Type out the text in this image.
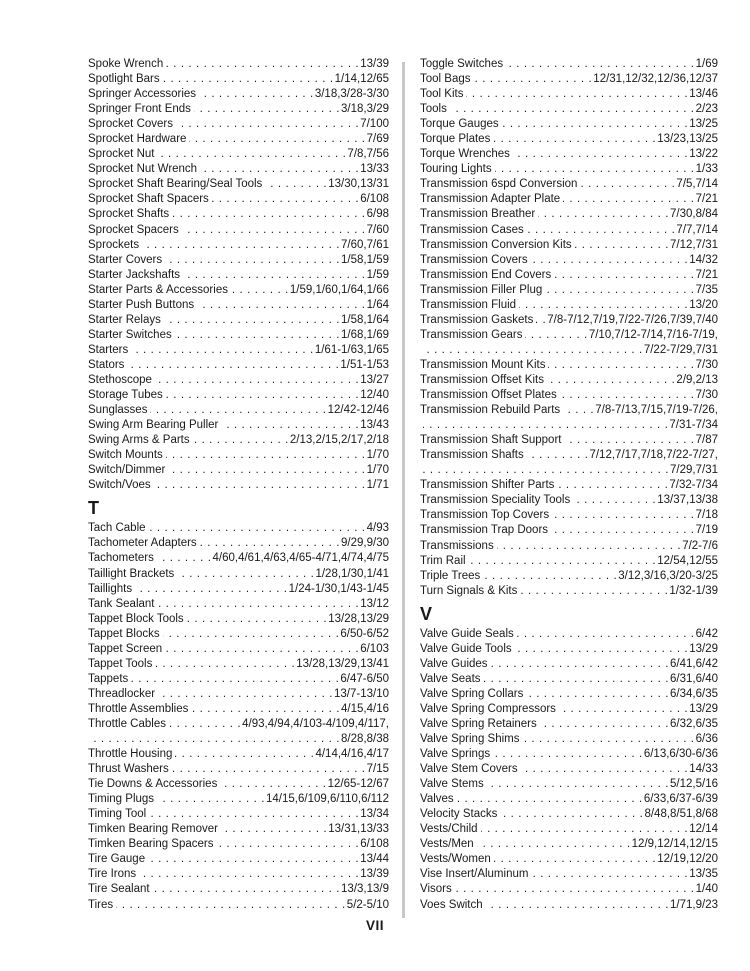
Spoke Wrench . . .	13/39
Spotlight Bars . . .	1/14,12/65
Springer Accessories . . .	3/18,3/28-3/30
Springer Front Ends . . .	3/18,3/29
Sprocket Covers . . .	7/100
Sprocket Hardware . . .	7/69
Sprocket Nut . . .	7/8,7/56
Sprocket Nut Wrench . . .	13/33
Sprocket Shaft Bearing/Seal Tools . . .	13/30,13/31
Sprocket Shaft Spacers . . .	6/108
Sprocket Shafts . . .	6/98
Sprocket Spacers . . .	7/60
Sprockets . . .	7/60,7/61
Starter Covers . . .	1/58,1/59
Starter Jackshafts . . .	1/59
Starter Parts & Accessories . . .	1/59,1/60,1/64,1/66
Starter Push Buttons . . .	1/64
Starter Relays . . .	1/58,1/64
Starter Switches . . .	1/68,1/69
Starters . . .	1/61-1/63,1/65
Stators . . .	1/51-1/53
Stethoscope . . .	13/27
Storage Tubes . . .	12/40
Sunglasses . . .	12/42-12/46
Swing Arm Bearing Puller . . .	13/43
Swing Arms & Parts . . .	2/13,2/15,2/17,2/18
Switch Mounts . . .	1/70
Switch/Dimmer . . .	1/70
Switch/Voes . . .	1/71
T
Tach Cable . . .	4/93
Tachometer Adapters . . .	9/29,9/30
Tachometers . . .	4/60,4/61,4/63,4/65-4/71,4/74,4/75
Taillight Brackets . . .	1/28,1/30,1/41
Taillights . . .	1/24-1/30,1/43-1/45
Tank Sealant . . .	13/12
Tappet Block Tools . . .	13/28,13/29
Tappet Blocks . . .	6/50-6/52
Tappet Screen . . .	6/103
Tappet Tools . . .	13/28,13/29,13/41
Tappets . . .	6/47-6/50
Threadlocker . . .	13/7-13/10
Throttle Assemblies . . .	4/15,4/16
Throttle Cables . . .	4/93,4/94,4/103-4/109,4/117,
. . .
8/28,8/38
Throttle Housing . . .	4/14,4/16,4/17
Thrust Washers . . .	7/15
Tie Downs & Accessories . . .	12/65-12/67
Timing Plugs . . .	14/15,6/109,6/110,6/112
Timing Tool . . .	13/34
Timken Bearing Remover . . .	13/31,13/33
Timken Bearing Spacers . . .	6/108
Tire Gauge . . .	13/44
Tire Irons . . .	13/39
Tire Sealant . . .	13/3,13/9
Tires . . .	5/2-5/10
Toggle Switches . . .	1/69
Tool Bags . . .	12/31,12/32,12/36,12/37
Tool Kits . . .	13/46
Tools . . .	2/23
Torque Gauges . . .	13/25
Torque Plates . . .	13/23,13/25
Torque Wrenches . . .	13/22
Touring Lights . . .	1/33
Transmission 6spd Conversion . . .	7/5,7/14
Transmission Adapter Plate . . .	7/21
Transmission Breather . . .	7/30,8/84
Transmission Cases . . .	7/7,7/14
Transmission Conversion Kits . . .	7/12,7/31
Transmission Covers . . .	14/32
Transmission End Covers . . .	7/21
Transmission Filler Plug . . .	7/35
Transmission Fluid . . .	13/20
Transmission Gaskets . . . 7/8-7/12,7/19,7/22-7/26,7/39,7/40
Transmission Gears . . .	7/10,7/12-7/14,7/16-7/19,
. . .
7/22-7/29,7/31
Transmission Mount Kits . . .	7/30
Transmission Offset Kits . . .	2/9,2/13
Transmission Offset Plates . . .	7/30
Transmission Rebuild Parts . . .	7/8-7/13,7/15,7/19-7/26,
. . .
7/31-7/34
Transmission Shaft Support . . .	7/87
Transmission Shafts . . .	7/12,7/17,7/18,7/22-7/27,
. . .
7/29,7/31
Transmission Shifter Parts . . .	7/32-7/34
Transmission Speciality Tools . . .	13/37,13/38
Transmission Top Covers . . .	7/18
Transmission Trap Doors . . .	7/19
Transmissions . . .	7/2-7/6
Trim Rail . . .	12/54,12/55
Triple Trees . . .	3/12,3/16,3/20-3/25
Turn Signals & Kits . . .	1/32-1/39
V
Valve Guide Seals . . .	6/42
Valve Guide Tools . . .	13/29
Valve Guides . . .	6/41,6/42
Valve Seats . . .	6/31,6/40
Valve Spring Collars . . .	6/34,6/35
Valve Spring Compressors . . .	13/29
Valve Spring Retainers . . .	6/32,6/35
Valve Spring Shims . . .	6/36
Valve Springs . . .	6/13,6/30-6/36
Valve Stem Covers . . .	14/33
Valve Stems . . .	5/12,5/16
Valves . . .	6/33,6/37-6/39
Velocity Stacks . . .	8/48,8/51,8/68
Vests/Child . . .	12/14
Vests/Men . . .	12/9,12/14,12/15
Vests/Women . . .	12/19,12/20
Vise Insert/Aluminum . . .	13/35
Visors . . .	1/40
Voes Switch . . .	1/71,9/23
VII
